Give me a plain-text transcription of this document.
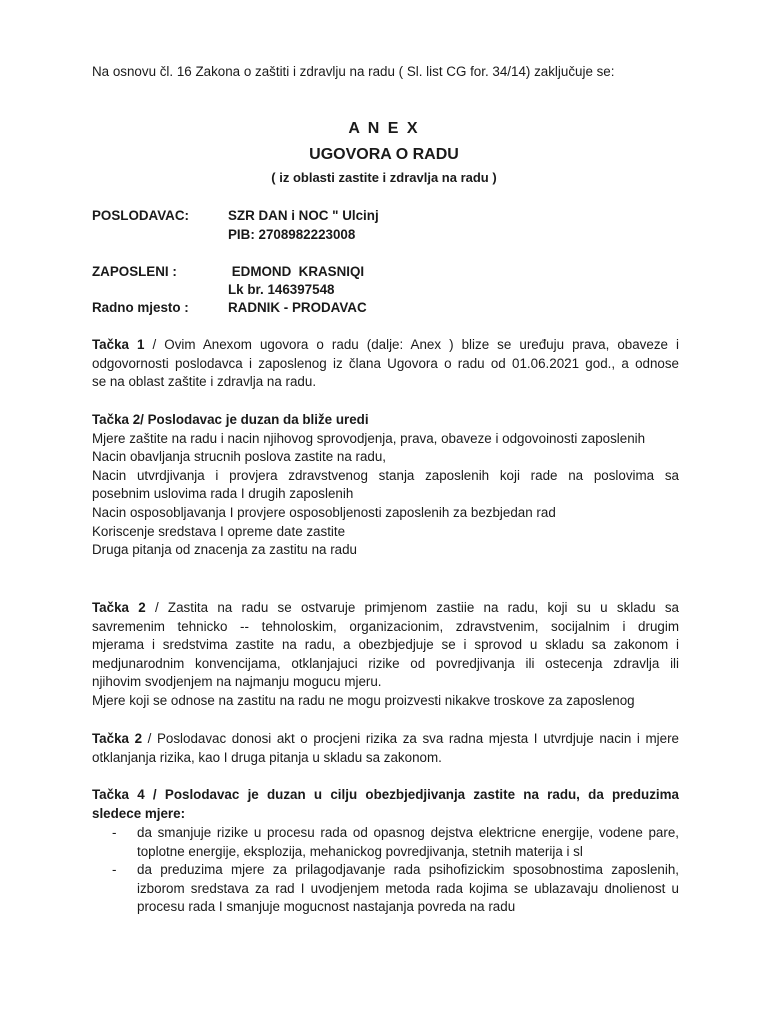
Na osnovu čl. 16 Zakona o zaštiti i zdravlju na radu ( Sl. list CG for. 34/14) zaključuje se:
A N E X
UGOVORA O RADU
( iz oblasti zastite i zdravlja na radu )
POSLODAVAC:	SZR DAN i NOC " Ulcinj
PIB: 2708982223008
ZAPOSLENI :	EDMOND  KRASNIQI
Lk br. 146397548
Radno mjesto :	RADNIK - PRODAVAC
Tačka 1 / Ovim Anexom ugovora o radu (dalje: Anex ) blize se uređuju prava, obaveze i
odgovornosti poslodavca i zaposlenog iz člana Ugovora o radu od 01.06.2021 god., a odnose
se na oblast zaštite i zdravlja na radu.
Tačka 2/ Poslodavac je duzan da bliže uredi
Mjere zaštite na radu i nacin njihovog sprovodjenja, prava, obaveze i odgovoinosti zaposlenih
Nacin obavljanja strucnih poslova zastite na radu,
Nacin utvrdjivanja i provjera zdravstvenog stanja zaposlenih koji rade na poslovima sa
posebnim uslovima rada I drugih zaposlenih
Nacin osposobljavanja I provjere osposobljenosti zaposlenih za bezbjedan rad
Koriscenje sredstava I opreme date zastite
Druga pitanja od znacenja za zastitu na radu
Tačka 2 / Zastita na radu se ostvaruje primjenom zastiie na radu, koji su u skladu sa
savremenim tehnicko -- tehnoloskim, organizacionim, zdravstvenim, socijalnim i drugim
mjerama i sredstvima zastite na radu, a obezbjedjuje se i sprovod u skladu sa zakonom i
medjunarodnim konvencijama, otklanjajuci rizike od povredjivanja ili ostecenja zdravlja ili
njihovim svodjenjem na najmanju mogucu mjeru.
Mjere koji se odnose na zastitu na radu ne mogu proizvesti nikakve troskove za zaposlenog
Tačka 2 / Poslodavac donosi akt o procjeni rizika za sva radna mjesta I utvrdjuje nacin i mjere
otklanjanja rizika, kao I druga pitanja u skladu sa zakonom.
Tačka 4 / Poslodavac je duzan u cilju obezbjedjivanja zastite na radu, da preduzima
sledece mjere:
- da smanjuje rizike u procesu rada od opasnog dejstva elektricne energije, vodene pare,
toplotne energije, eksplozija, mehanickog povredjivanja, stetnih materija i sl
- da preduzima mjere za prilagodjavanje rada psihofizickim sposobnostima zaposlenih,
izborom sredstava za rad I uvodjenjem metoda rada kojima se ublazavaju dnolienost u
procesu rada I smanjuje mogucnost nastajanja povreda na radu
